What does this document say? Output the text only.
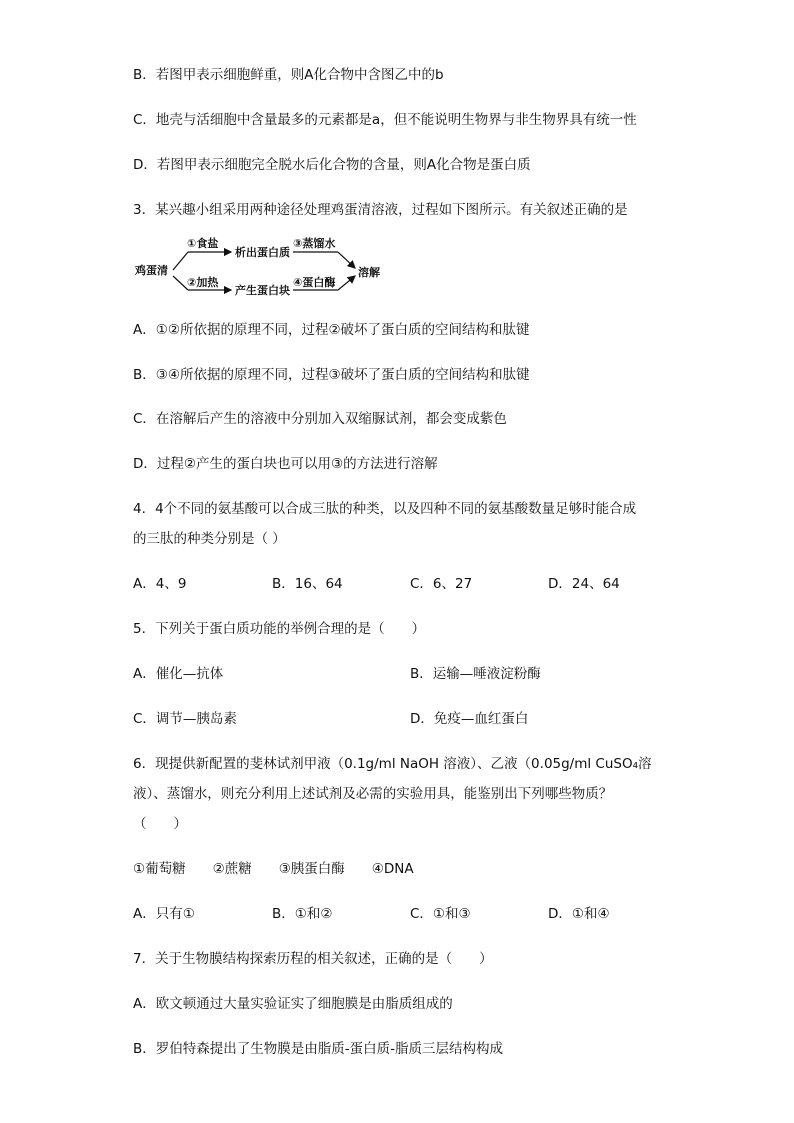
B．若图甲表示细胞鲜重，则A化合物中含图乙中的b
C．地壳与活细胞中含量最多的元素都是a，但不能说明生物界与非生物界具有统一性
D．若图甲表示细胞完全脱水后化合物的含量，则A化合物是蛋白质
3．某兴趣小组采用两种途径处理鸡蛋清溶液，过程如下图所示。有关叙述正确的是
鸡蛋清
①食盐
析出蛋白质
③蒸馏水
②加热
产生蛋白块
④蛋白酶
溶解
A．①②所依据的原理不同，过程②破坏了蛋白质的空间结构和肽键
B．③④所依据的原理不同，过程③破坏了蛋白质的空间结构和肽键
C．在溶解后产生的溶液中分别加入双缩脲试剂，都会变成紫色
D．过程②产生的蛋白块也可以用③的方法进行溶解
4．4个不同的氨基酸可以合成三肽的种类，以及四种不同的氨基酸数量足够时能合成
的三肽的种类分别是（ ）
A．4、9	B．16、64	C．6、27	D．24、64
5．下列关于蛋白质功能的举例合理的是（　　）
A．催化—抗体	B．运输—唾液淀粉酶
C．调节—胰岛素	D．免疫—血红蛋白
6．现提供新配置的斐林试剂甲液（0.1g/ml NaOH 溶液）、乙液（0.05g/ml CuSO₄溶
液）、蒸馏水，则充分利用上述试剂及必需的实验用具，能鉴别出下列哪些物质？
（　　）
①葡萄糖　　②蔗糖　　③胰蛋白酶　　④DNA
A．只有①	B．①和②	C．①和③	D．①和④
7．关于生物膜结构探索历程的相关叙述，正确的是（　　）
A．欧文顿通过大量实验证实了细胞膜是由脂质组成的
B．罗伯特森提出了生物膜是由脂质-蛋白质-脂质三层结构构成
